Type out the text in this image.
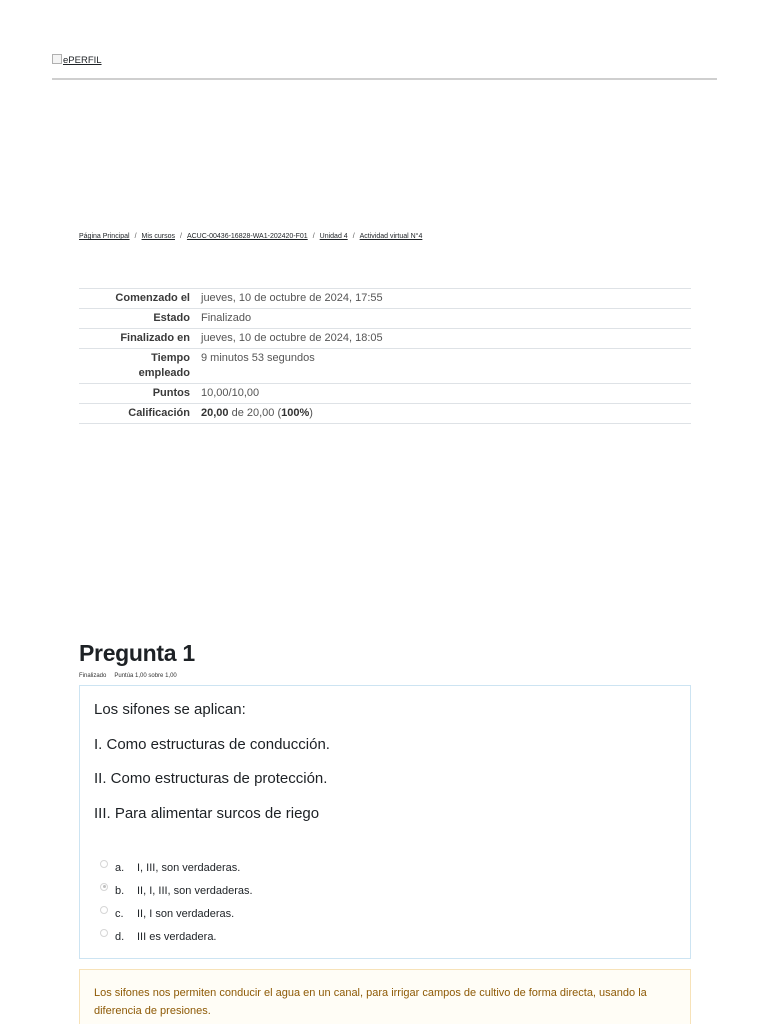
ePERFIL
Página Principal / Mis cursos / ACUC-00436-16828-WA1-202420-F01 / Unidad 4 / Actividad virtual N°4
Comenzado el	jueves, 10 de octubre de 2024, 17:55
Estado	Finalizado
Finalizado en	jueves, 10 de octubre de 2024, 18:05
Tiempo
empleado	9 minutos 53 segundos
Puntos	10,00/10,00
Calificación	20,00 de 20,00 (100%)
Pregunta 1
Finalizado Puntúa 1,00 sobre 1,00

Los sifones se aplican:

I. Como estructuras de conducción.

II. Como estructuras de protección.

III. Para alimentar surcos de riego

a.	I, III, son verdaderas.
b.	II, I, III, son verdaderas.
c.	II, I son verdaderas.
d.	III es verdadera.
Los sifones nos permiten conducir el agua en un canal, para irrigar campos de cultivo de forma directa, usando la diferencia de presiones.
